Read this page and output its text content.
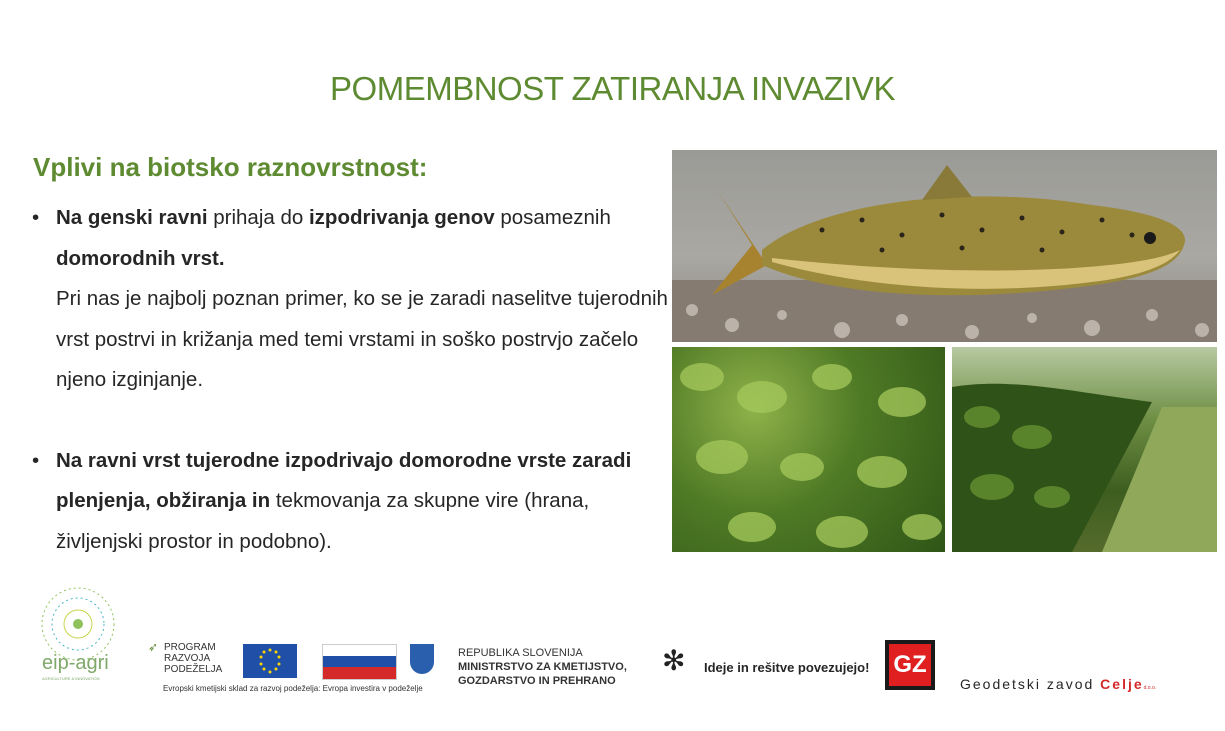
POMEMBNOST ZATIRANJA INVAZIVK
Vplivi na biotsko raznovrstnost:
• Na genski ravni prihaja do izpodrivanja genov posameznih domorodnih vrst.
Pri nas je najbolj poznan primer, ko se je zaradi naselitve tujerodnih vrst postrvi in križanja med temi vrstami in soško postrvjo začelo njeno izginjanje.
• Na ravni vrst tujerodne izpodrivajo domorodne vrste zaradi plenjenja, obžiranja in tekmovanja za skupne vire (hrana, življenjski prostor in podobno).
eip-agri
AGRICULTURE & INNOVATION
➶ PROGRAM
RAZVOJA
PODEŽELJA
Evropski kmetijski sklad za razvoj podeželja: Evropa investira v podeželje
REPUBLIKA SLOVENIJA
MINISTRSTVO ZA KMETIJSTVO,
GOZDARSTVO IN PREHRANO
✻ Ideje in rešitve povezujejo! GZ
Geodetski zavod Celjed.o.o.
